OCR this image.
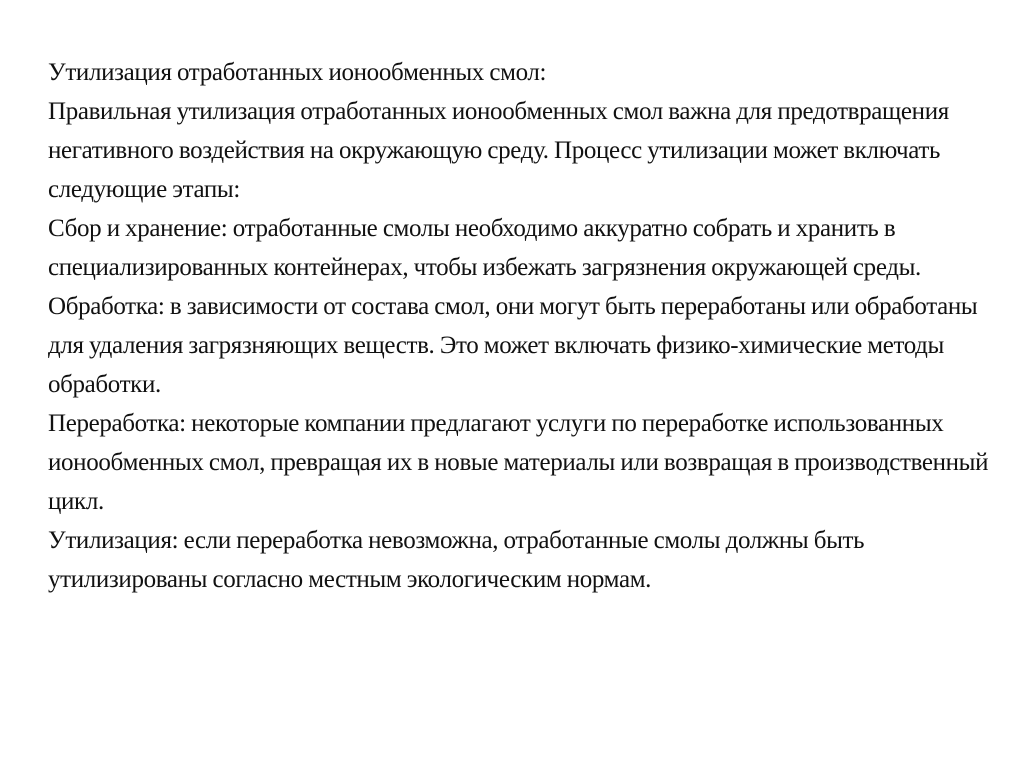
Утилизация отработанных ионообменных смол:

Правильная утилизация отработанных ионообменных смол важна для предотвращения негативного воздействия на окружающую среду. Процесс утилизации может включать следующие этапы:

Сбор и хранение: отработанные смолы необходимо аккуратно собрать и хранить в специализированных контейнерах, чтобы избежать загрязнения окружающей среды.

Обработка: в зависимости от состава смол, они могут быть переработаны или обработаны для удаления загрязняющих веществ. Это может включать физико-химические методы обработки.

Переработка: некоторые компании предлагают услуги по переработке использованных ионообменных смол, превращая их в новые материалы или возвращая в производственный цикл.

Утилизация: если переработка невозможна, отработанные смолы должны быть утилизированы согласно местным экологическим нормам.
